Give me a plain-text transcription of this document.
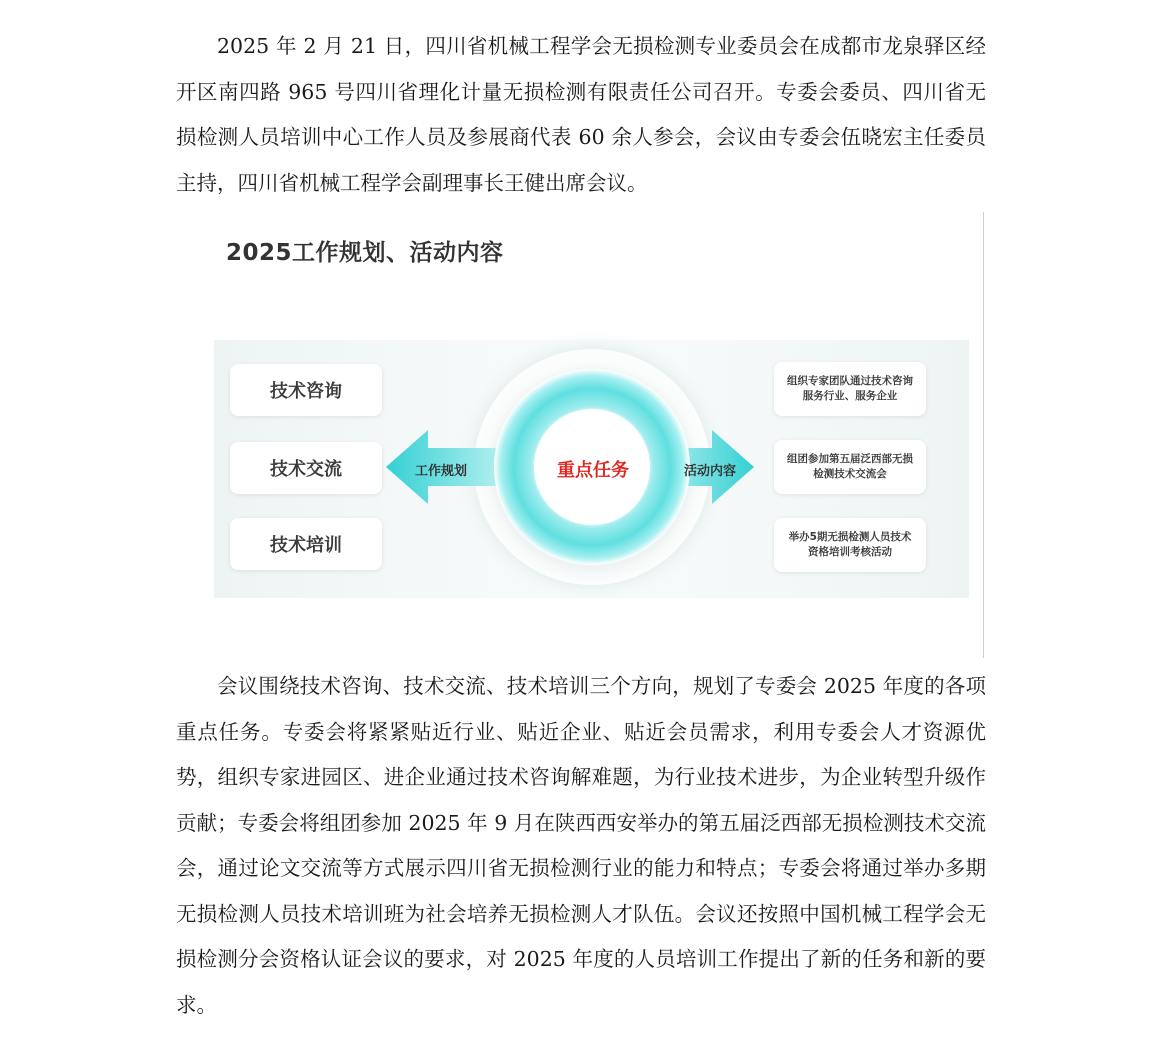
2025 年 2 月 21 日，四川省机械工程学会无损检测专业委员会在成都市龙泉驿区经开区南四路 965 号四川省理化计量无损检测有限责任公司召开。专委会委员、四川省无损检测人员培训中心工作人员及参展商代表 60 余人参会，会议由专委会伍晓宏主任委员主持，四川省机械工程学会副理事长王健出席会议。

2025工作规划、活动内容
工作规划	活动内容
重点任务
技术咨询
技术交流
技术培训
组织专家团队通过技术咨询 服务行业、服务企业
组团参加第五届泛西部无损检测技术交流会
举办5期无损检测人员技术资格培训考核活动

会议围绕技术咨询、技术交流、技术培训三个方向，规划了专委会 2025 年度的各项重点任务。专委会将紧紧贴近行业、贴近企业、贴近会员需求，利用专委会人才资源优势，组织专家进园区、进企业通过技术咨询解难题，为行业技术进步，为企业转型升级作贡献；专委会将组团参加 2025 年 9 月在陕西西安举办的第五届泛西部无损检测技术交流会，通过论文交流等方式展示四川省无损检测行业的能力和特点；专委会将通过举办多期无损检测人员技术培训班为社会培养无损检测人才队伍。会议还按照中国机械工程学会无损检测分会资格认证会议的要求，对 2025 年度的人员培训工作提出了新的任务和新的要求。
